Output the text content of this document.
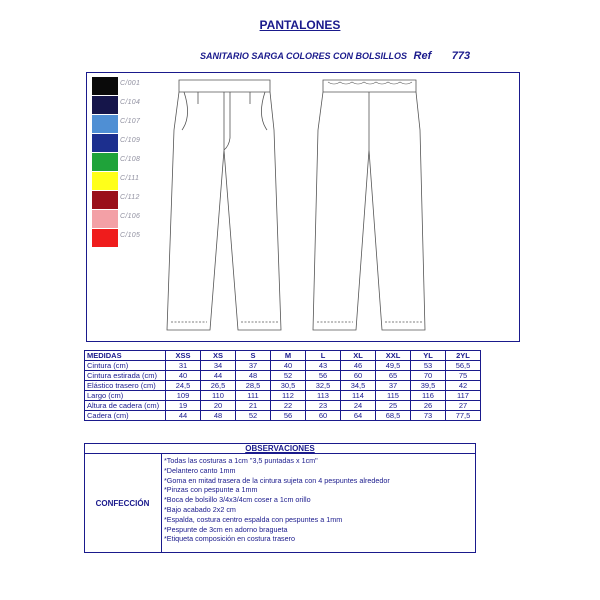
PANTALONES
SANITARIO SARGA COLORES CON BOLSILLOS Ref 773
C/001
C/104
C/107
C/109
C/108
C/111
C/112
C/106
C/105
MEDIDAS	XSS	XS	S	M	L	XL	XXL	YL	2YL
Cintura (cm)	31	34	37	40	43	46	49,5	53	56,5
Cintura estirada (cm)	40	44	48	52	56	60	65	70	75
Elástico trasero (cm)	24,5	26,5	28,5	30,5	32,5	34,5	37	39,5	42
Largo (cm)	109	110	111	112	113	114	115	116	117
Altura de cadera (cm)	19	20	21	22	23	24	25	26	27
Cadera (cm)	44	48	52	56	60	64	68,5	73	77,5
OBSERVACIONES
CONFECCIÓN
*Todas las costuras a 1cm "3,5 puntadas x 1cm"
*Delantero canto 1mm
*Goma en mitad trasera de la cintura sujeta con 4 pespuntes alrededor
*Pinzas con pespunte a 1mm
*Boca de bolsillo 3/4x3/4cm coser a 1cm orillo
*Bajo acabado 2x2 cm
*Espalda, costura centro espalda con pespuntes a 1mm
*Pespunte de 3cm en adorno bragueta
*Etiqueta composición en costura trasero
